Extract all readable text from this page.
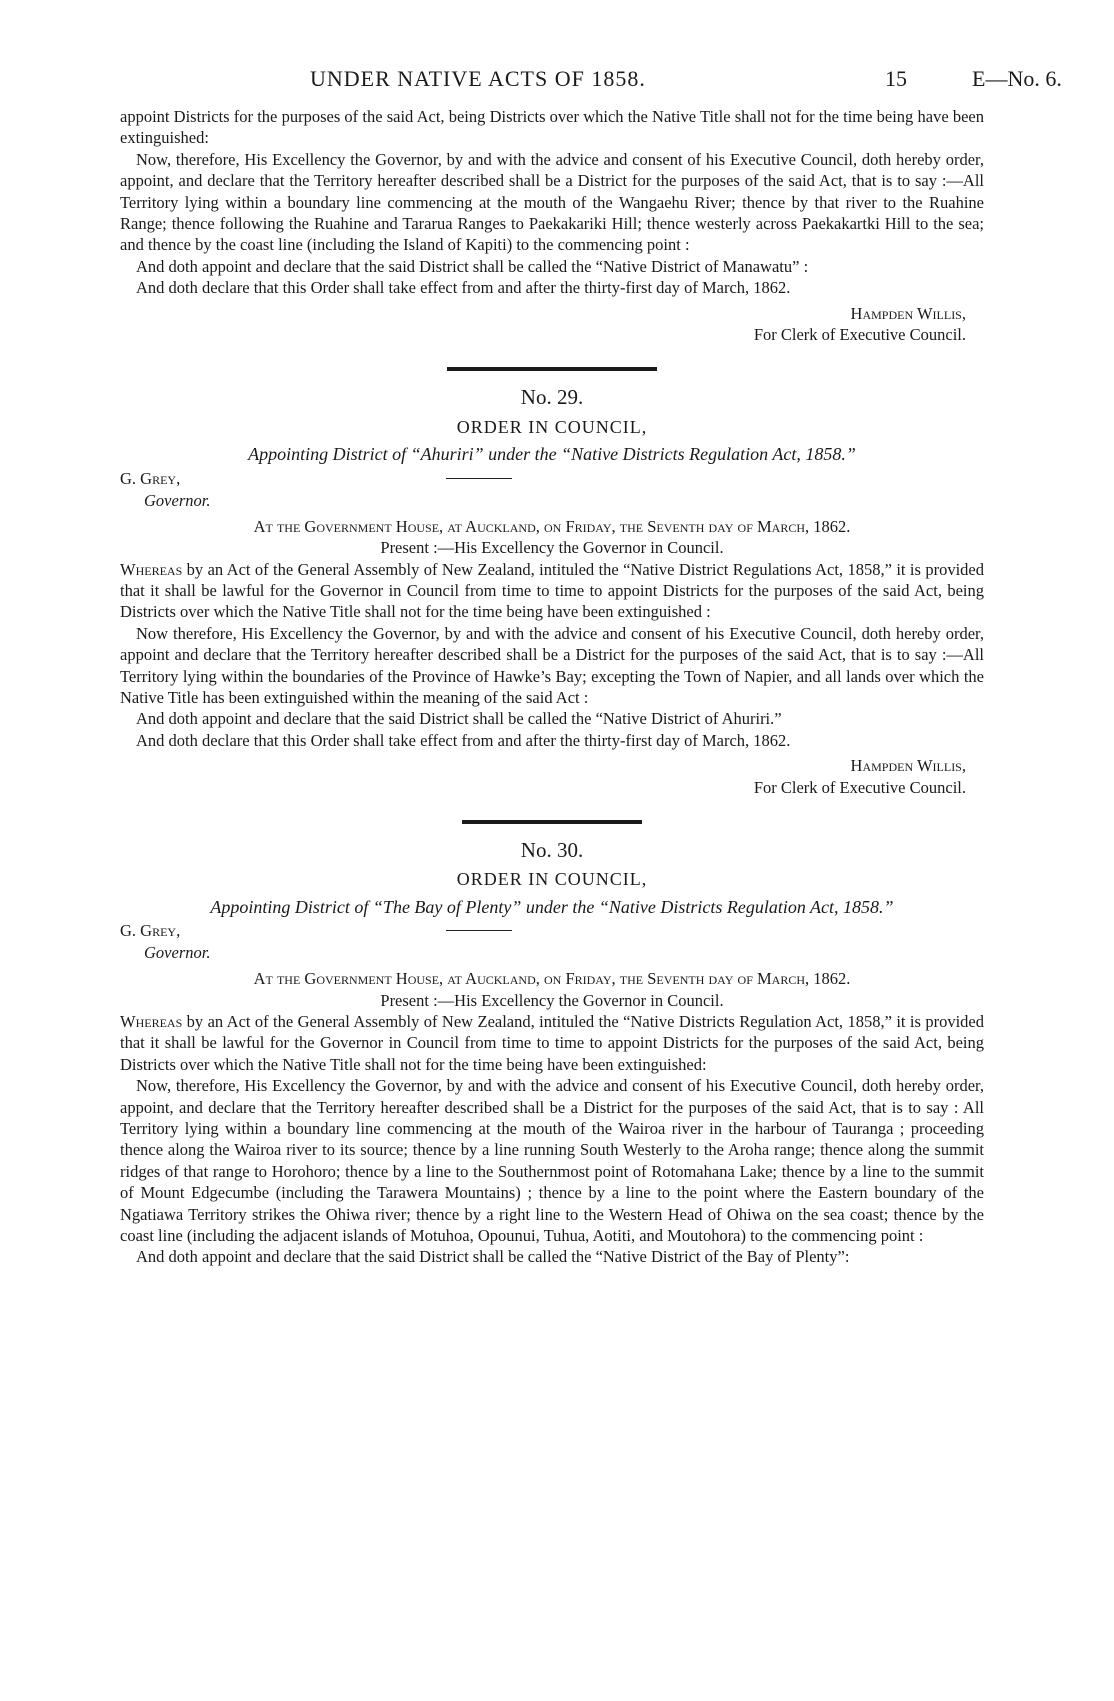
UNDER NATIVE ACTS OF 1858.	15	E—No. 6.

appoint Districts for the purposes of the said Act, being Districts over which the Native Title shall not for the time being have been extinguished:

Now, therefore, His Excellency the Governor, by and with the advice and consent of his Executive Council, doth hereby order, appoint, and declare that the Territory hereafter described shall be a District for the purposes of the said Act, that is to say :—All Territory lying within a boundary line commencing at the mouth of the Wangaehu River; thence by that river to the Ruahine Range; thence following the Ruahine and Tararua Ranges to Paekakariki Hill; thence westerly across Paekakartki Hill to the sea; and thence by the coast line (including the Island of Kapiti) to the commencing point :

And doth appoint and declare that the said District shall be called the “Native District of Manawatu” :

And doth declare that this Order shall take effect from and after the thirty-first day of March, 1862.

Hampden Willis,

For Clerk of Executive Council.

No. 29.
ORDER IN COUNCIL,
Appointing District of “Ahuriri” under the “Native Districts Regulation Act, 1858.”
G. Grey,
Governor.
At the Government House, at Auckland, on Friday, the Seventh day of March, 1862.
Present :—His Excellency the Governor in Council.

Whereas by an Act of the General Assembly of New Zealand, intituled the “Native District Regulations Act, 1858,” it is provided that it shall be lawful for the Governor in Council from time to time to appoint Districts for the purposes of the said Act, being Districts over which the Native Title shall not for the time being have been extinguished :

Now therefore, His Excellency the Governor, by and with the advice and consent of his Executive Council, doth hereby order, appoint and declare that the Territory hereafter described shall be a District for the purposes of the said Act, that is to say :—All Territory lying within the boundaries of the Province of Hawke’s Bay; excepting the Town of Napier, and all lands over which the Native Title has been extinguished within the meaning of the said Act :

And doth appoint and declare that the said District shall be called the “Native District of Ahuriri.”

And doth declare that this Order shall take effect from and after the thirty-first day of March, 1862.

Hampden Willis,

For Clerk of Executive Council.

No. 30.
ORDER IN COUNCIL,
Appointing District of “The Bay of Plenty” under the “Native Districts Regulation Act, 1858.”
G. Grey,
Governor.
At the Government House, at Auckland, on Friday, the Seventh day of March, 1862.
Present :—His Excellency the Governor in Council.

Whereas by an Act of the General Assembly of New Zealand, intituled the “Native Districts Regulation Act, 1858,” it is provided that it shall be lawful for the Governor in Council from time to time to appoint Districts for the purposes of the said Act, being Districts over which the Native Title shall not for the time being have been extinguished:

Now, therefore, His Excellency the Governor, by and with the advice and consent of his Executive Council, doth hereby order, appoint, and declare that the Territory hereafter described shall be a District for the purposes of the said Act, that is to say : All Territory lying within a boundary line commencing at the mouth of the Wairoa river in the harbour of Tauranga ; proceeding thence along the Wairoa river to its source; thence by a line running South Westerly to the Aroha range; thence along the summit ridges of that range to Horohoro; thence by a line to the Southernmost point of Rotomahana Lake; thence by a line to the summit of Mount Edgecumbe (including the Tarawera Mountains) ; thence by a line to the point where the Eastern boundary of the Ngatiawa Territory strikes the Ohiwa river; thence by a right line to the Western Head of Ohiwa on the sea coast; thence by the coast line (including the adjacent islands of Motuhoa, Opounui, Tuhua, Aotiti, and Moutohora) to the commencing point :

And doth appoint and declare that the said District shall be called the “Native District of the Bay of Plenty”:
